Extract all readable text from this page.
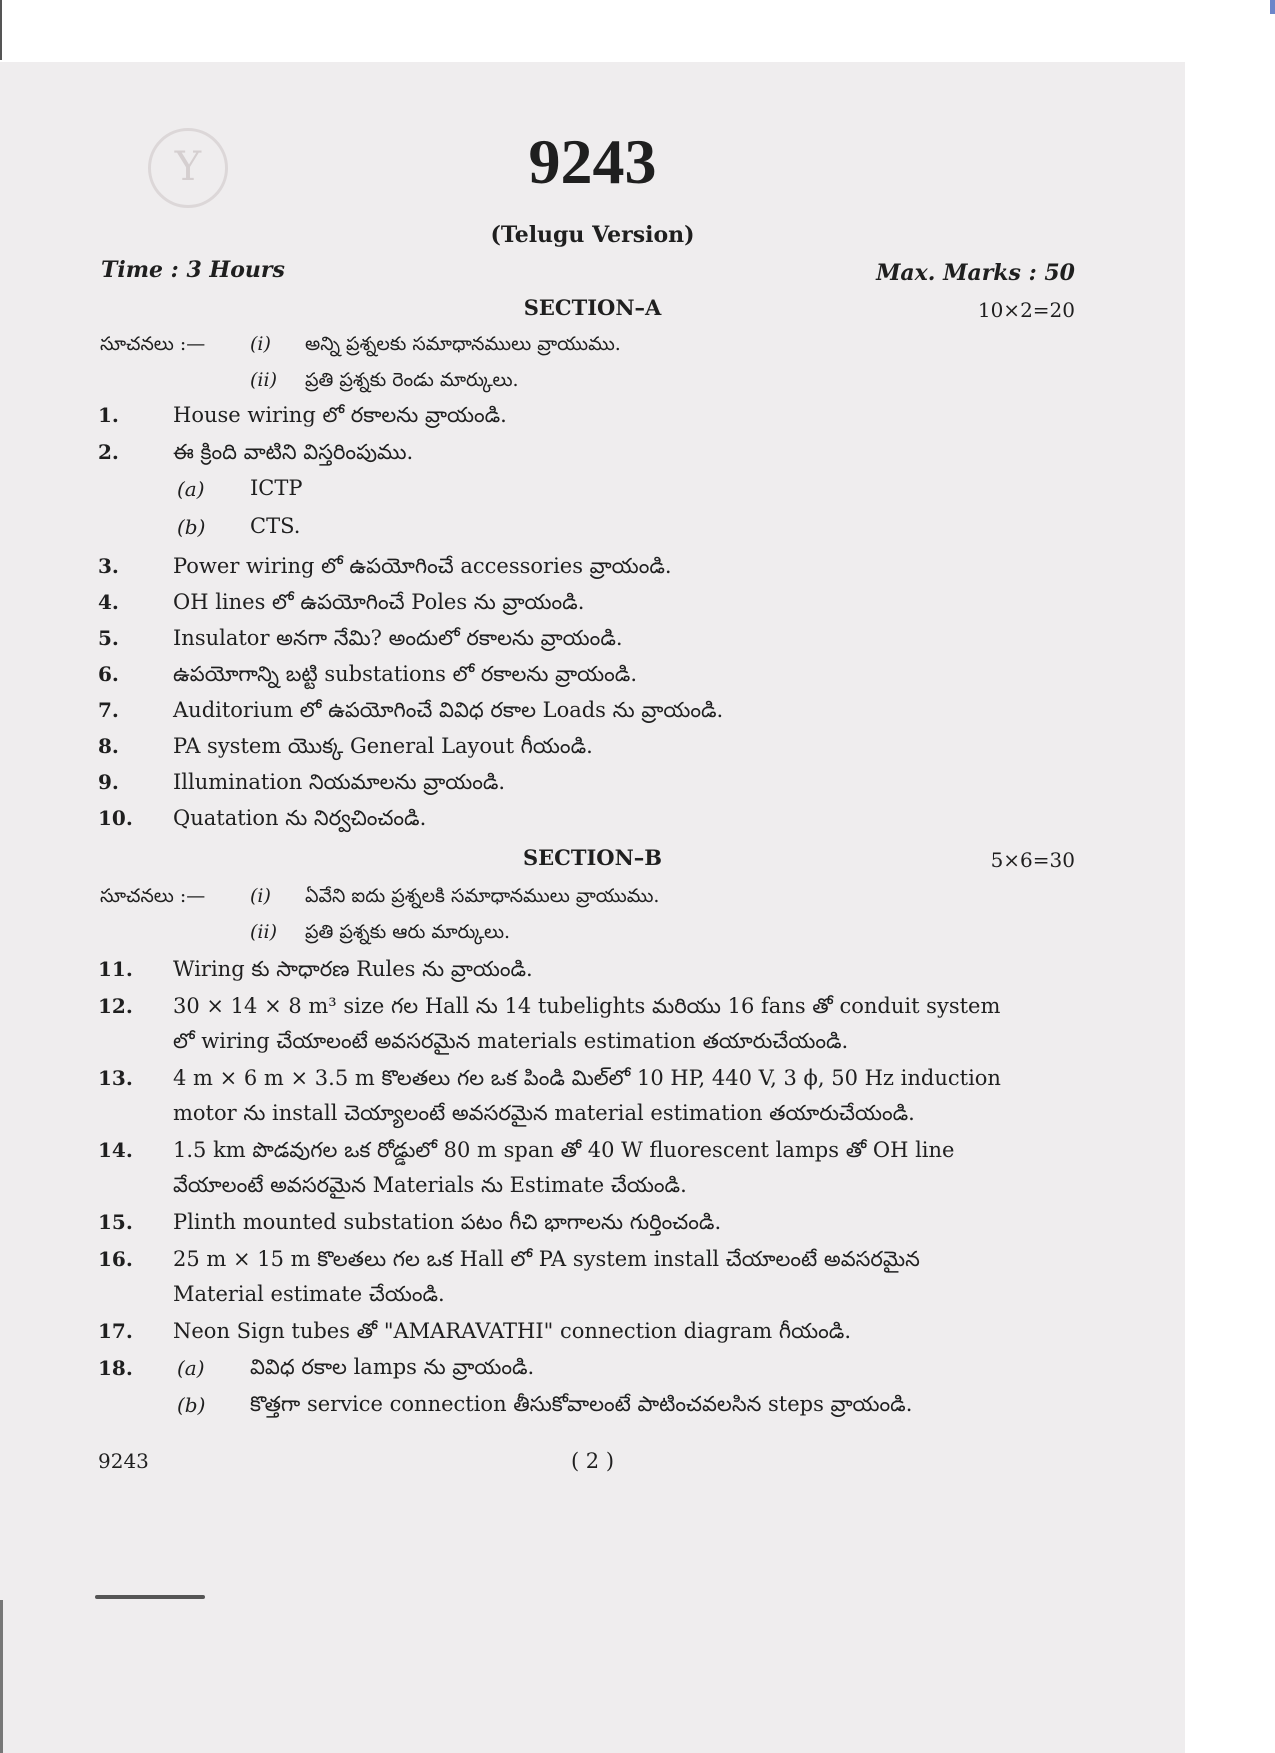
Y	9243
(Telugu Version)
Time : 3 Hours	Max. Marks : 50
SECTION–A	10×2=20
సూచనలు :— (i) అన్ని ప్రశ్నలకు సమాధానములు వ్రాయుము.
(ii) ప్రతి ప్రశ్నకు రెండు మార్కులు.
1.	House wiring లో రకాలను వ్రాయండి.
2.	ఈ క్రింది వాటిని విస్తరింపుము.
(a) ICTP
(b) CTS.
3.	Power wiring లో ఉపయోగించే accessories వ్రాయండి.
4.	OH lines లో ఉపయోగించే Poles ను వ్రాయండి.
5.	Insulator అనగా నేమి? అందులో రకాలను వ్రాయండి.
6.	ఉపయోగాన్ని బట్టి substations లో రకాలను వ్రాయండి.
7.	Auditorium లో ఉపయోగించే వివిధ రకాల Loads ను వ్రాయండి.
8.	PA system యొక్క General Layout గీయండి.
9.	Illumination నియమాలను వ్రాయండి.
10. Quatation ను నిర్వచించండి.
SECTION–B	5×6=30
సూచనలు :— (i) ఏవేని ఐదు ప్రశ్నలకి సమాధానములు వ్రాయుము.
(ii) ప్రతి ప్రశ్నకు ఆరు మార్కులు.
11. Wiring కు సాధారణ Rules ను వ్రాయండి.
12. 30 × 14 × 8 m³ size గల Hall ను 14 tubelights మరియు 16 fans తో conduit system
లో wiring చేయాలంటే అవసరమైన materials estimation తయారుచేయండి.
13. 4 m × 6 m × 3.5 m కొలతలు గల ఒక పిండి మిల్‌లో 10 HP, 440 V, 3 ϕ, 50 Hz induction
motor ను install చెయ్యాలంటే అవసరమైన material estimation తయారుచేయండి.
14. 1.5 km పొడవుగల ఒక రోడ్డులో 80 m span తో 40 W fluorescent lamps తో OH line
వేయాలంటే అవసరమైన Materials ను Estimate చేయండి.
15. Plinth mounted substation పటం గీచి భాగాలను గుర్తించండి.
16. 25 m × 15 m కొలతలు గల ఒక Hall లో PA system install చేయాలంటే అవసరమైన
Material estimate చేయండి.
17. Neon Sign tubes తో "AMARAVATHI" connection diagram గీయండి.
18. (a) వివిధ రకాల lamps ను వ్రాయండి.
(b) కొత్తగా service connection తీసుకోవాలంటే పాటించవలసిన steps వ్రాయండి.
9243	( 2 )
